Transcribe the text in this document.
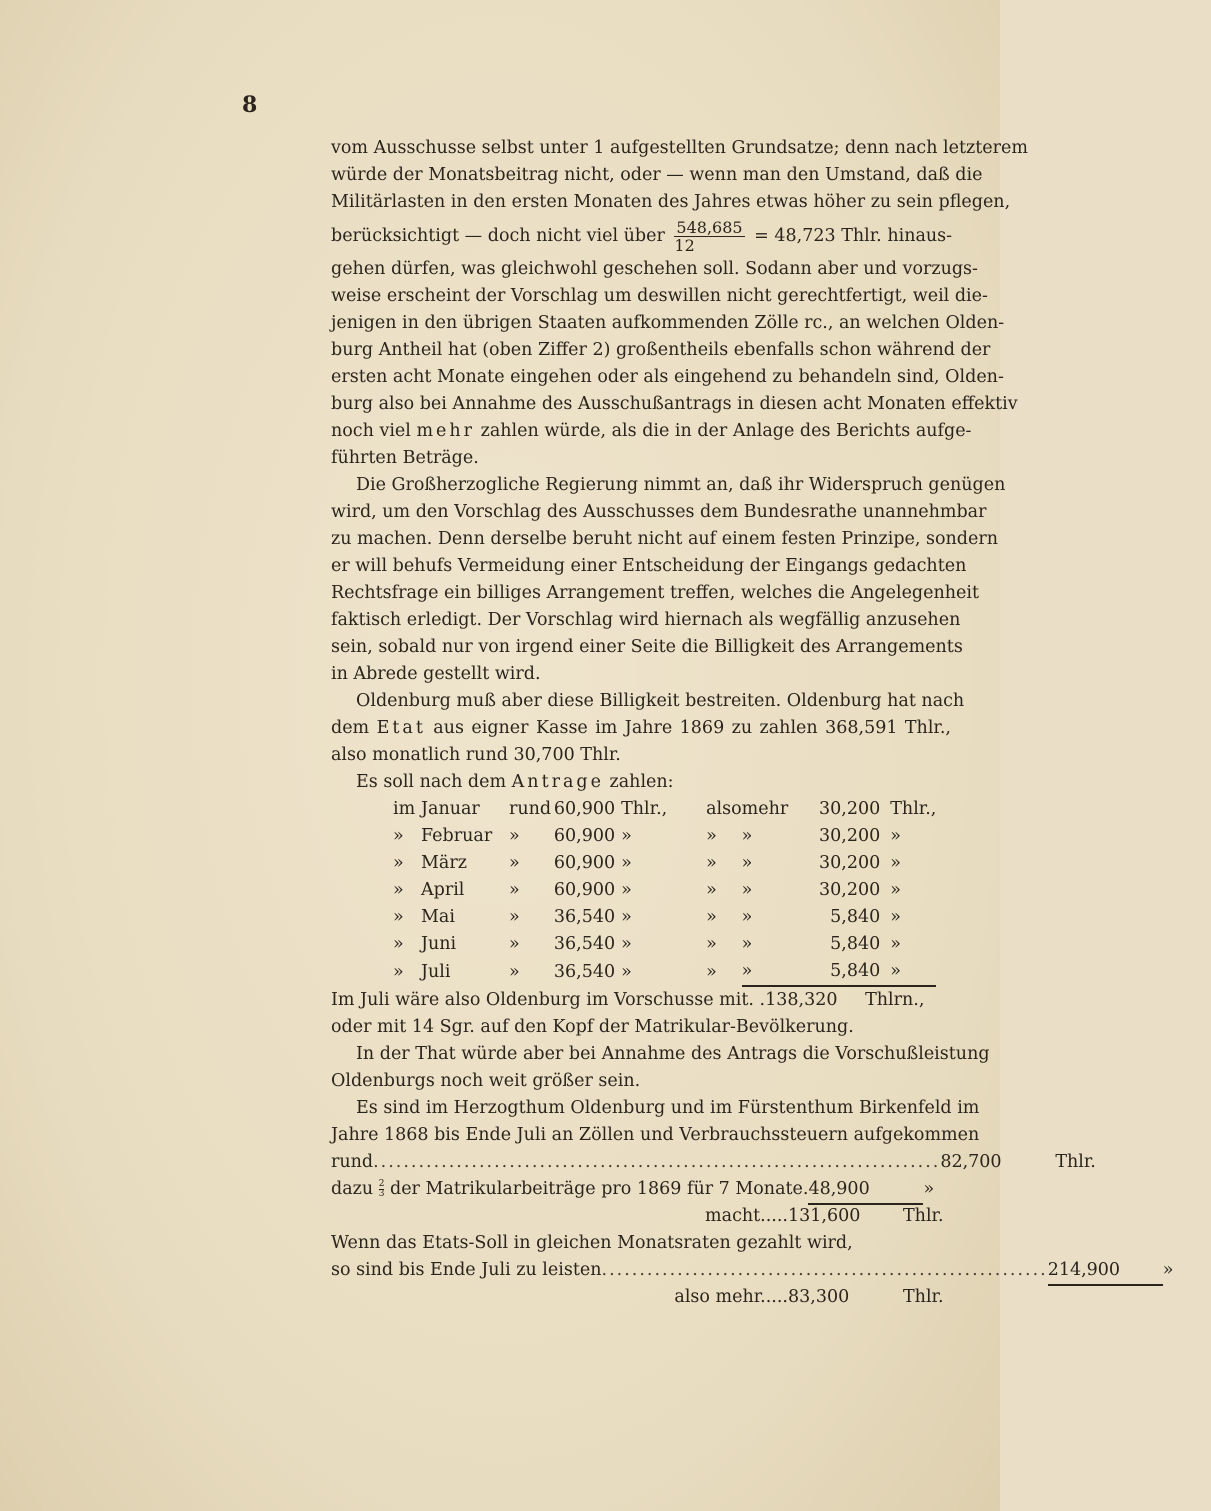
8
vom Ausschusse selbst unter 1 aufgestellten Grundsatze; denn nach letzterem
würde der Monatsbeitrag nicht, oder — wenn man den Umstand, daß die
Militärlasten in den ersten Monaten des Jahres etwas höher zu sein pflegen,
berücksichtigt — doch nicht viel über $\frac{548,685}{12} = 48,723$ Thlr. hinaus-
gehen dürfen, was gleichwohl geschehen soll. Sodann aber und vorzugs-
weise erscheint der Vorschlag um deswillen nicht gerechtfertigt, weil die-
jenigen in den übrigen Staaten aufkommenden Zölle rc., an welchen Olden-
burg Antheil hat (oben Ziffer 2) großentheils ebenfalls schon während der
ersten acht Monate eingehen oder als eingehend zu behandeln sind, Olden-
burg also bei Annahme des Ausschußantrags in diesen acht Monaten effektiv
noch viel mehr zahlen würde, als die in der Anlage des Berichts aufge-
führten Beträge.
Die Großherzogliche Regierung nimmt an, daß ihr Widerspruch genügen
wird, um den Vorschlag des Ausschusses dem Bundesrathe unannehmbar
zu machen. Denn derselbe beruht nicht auf einem festen Prinzipe, sondern
er will behufs Vermeidung einer Entscheidung der Eingangs gedachten
Rechtsfrage ein billiges Arrangement treffen, welches die Angelegenheit
faktisch erledigt. Der Vorschlag wird hiernach als wegfällig anzusehen
sein, sobald nur von irgend einer Seite die Billigkeit des Arrangements
in Abrede gestellt wird.
Oldenburg muß aber diese Billigkeit bestreiten. Oldenburg hat nach
dem Etat aus eigner Kasse im Jahre 1869 zu zahlen 368,591 Thlr.,
also monatlich rund 30,700 Thlr.
Es soll nach dem Antrage zahlen:
im	Januar	rund	60,900	Thlr.,	also	mehr	30,200	Thlr.,
»	Februar	»	60,900	»	»	»	30,200	»
»	März	»	60,900	»	»	»	30,200	»
»	April	»	60,900	»	»	»	30,200	»
»	Mai	»	36,540	»	»	»	5,840	»
»	Juni	»	36,540	»	»	»	5,840	»
»	Juli	»	36,540	»	»	»	5,840	»
Im Juli wäre also Oldenburg im Vorschusse mit. . 138,320	Thlrn.,
oder mit 14 Sgr. auf den Kopf der Matrikular-Bevölkerung.
In der That würde aber bei Annahme des Antrags die Vorschußleistung
Oldenburgs noch weit größer sein.
Es sind im Herzogthum Oldenburg und im Fürstenthum Birkenfeld im
Jahre 1868 bis Ende Juli an Zöllen und Verbrauchssteuern aufgekommen
rund ........................................................................... 82,700	Thlr.
dazu $\frac{2}{3}$ der Matrikularbeiträge pro 1869 für 7 Monate. 48,900	»
macht..... 131,600	Thlr.
Wenn das Etats-Soll in gleichen Monatsraten gezahlt wird,
so sind bis Ende Juli zu leisten ........................................................... 214,900	»
also mehr..... 83,300	Thlr.
